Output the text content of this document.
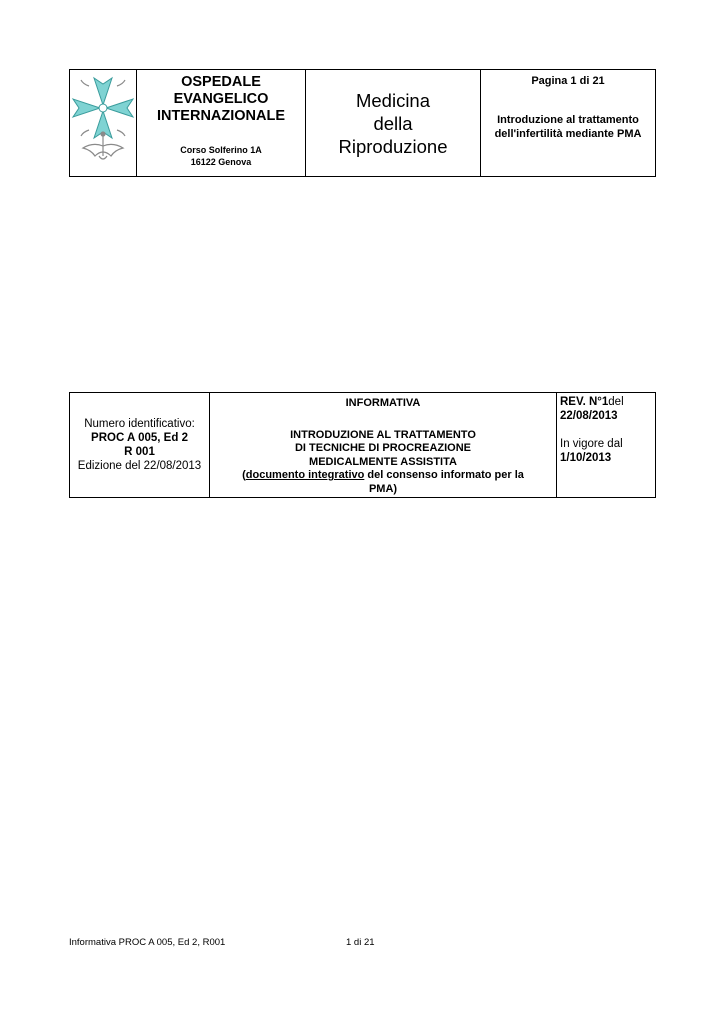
OSPEDALE
EVANGELICO
INTERNAZIONALE
Corso Solferino 1A
16122 Genova

Medicina
della
Riproduzione

Pagina 1 di 21
Introduzione al trattamento
dell'infertilità mediante PMA
Numero identificativo:
PROC A 005, Ed 2
R 001
Edizione del 22/08/2013

INFORMATIVA
INTRODUZIONE AL TRATTAMENTO
DI TECNICHE DI PROCREAZIONE
MEDICALMENTE ASSISTITA
(documento integrativo del consenso informato per la
PMA)

REV. N°1del
22/08/2013
In vigore dal
1/10/2013
Informativa PROC A 005, Ed 2, R001	1 di 21
